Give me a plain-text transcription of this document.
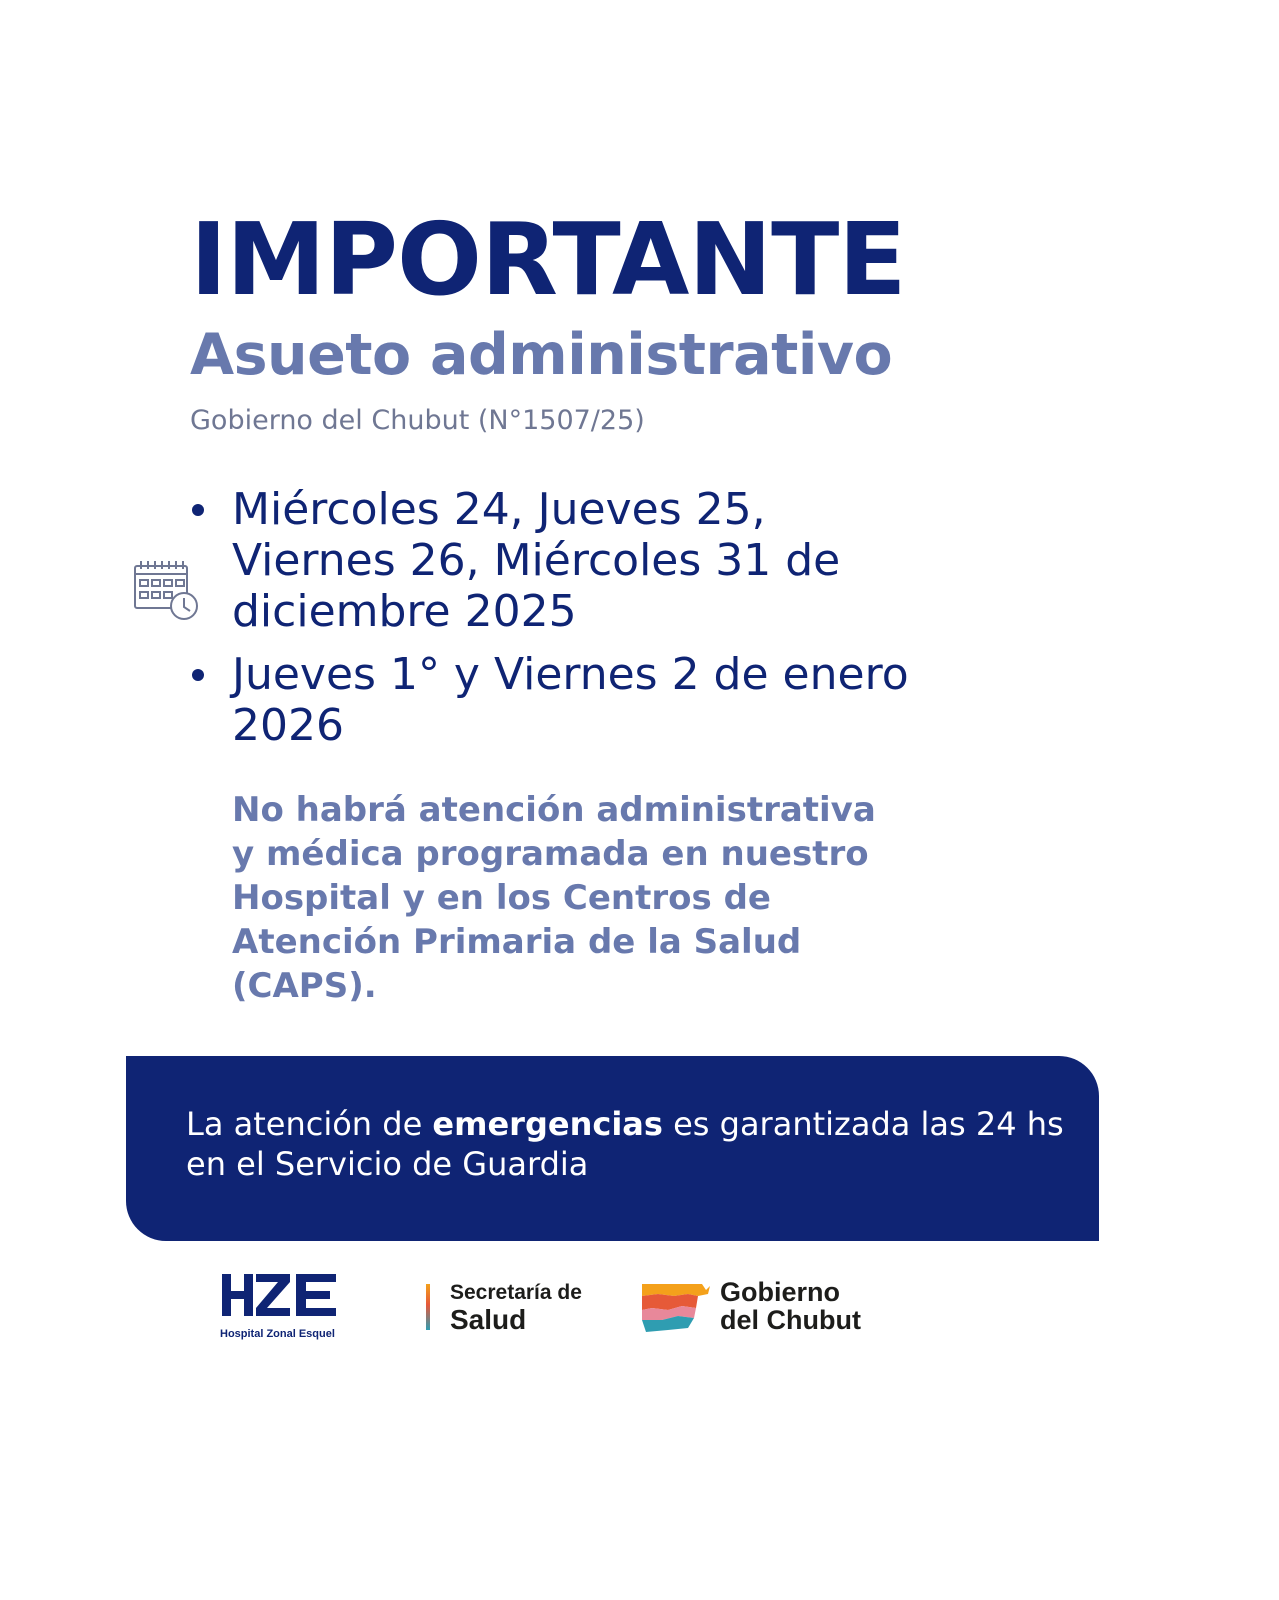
IMPORTANTE
Asueto administrativo
Gobierno del Chubut (N°1507/25)
Miércoles 24, Jueves 25, Viernes 26, Miércoles 31 de diciembre 2025
Jueves 1° y Viernes 2 de enero 2026
No habrá atención administrativa y médica programada en nuestro Hospital y en los Centros de Atención Primaria de la Salud (CAPS).
La atención de emergencias es garantizada las 24 hs en el Servicio de Guardia
Hospital Zonal Esquel
Secretaría de
Salud
Gobierno
del Chubut
